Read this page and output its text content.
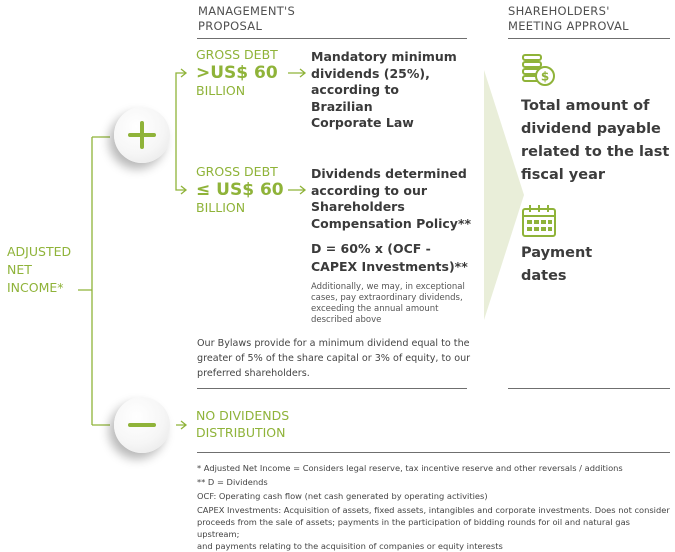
MANAGEMENT'S
PROPOSAL
SHAREHOLDERS'
MEETING APPROVAL
ADJUSTED
NET
INCOME*
GROSS DEBT
>US$ 60
BILLION
Mandatory minimum
dividends (25%),
according to
Brazilian
Corporate Law
GROSS DEBT
≤ US$ 60
BILLION
Dividends determined
according to our
Shareholders
Compensation Policy**
D = 60% x (OCF -
CAPEX Investments)**
Additionally, we may, in exceptional
cases, pay extraordinary dividends,
exceeding the annual amount
described above
Our Bylaws provide for a minimum dividend equal to the
greater of 5% of the share capital or 3% of equity, to our
preferred shareholders.
NO DIVIDENDS
DISTRIBUTION
$
Total amount of
dividend payable
related to the last
fiscal year
Payment
dates
* Adjusted Net Income = Considers legal reserve, tax incentive reserve and other reversals / additions
** D = Dividends
OCF: Operating cash flow (net cash generated by operating activities)
CAPEX Investments: Acquisition of assets, fixed assets, intangibles and corporate investments. Does not consider
proceeds from the sale of assets; payments in the participation of bidding rounds for oil and natural gas upstream;
and payments relating to the acquisition of companies or equity interests
